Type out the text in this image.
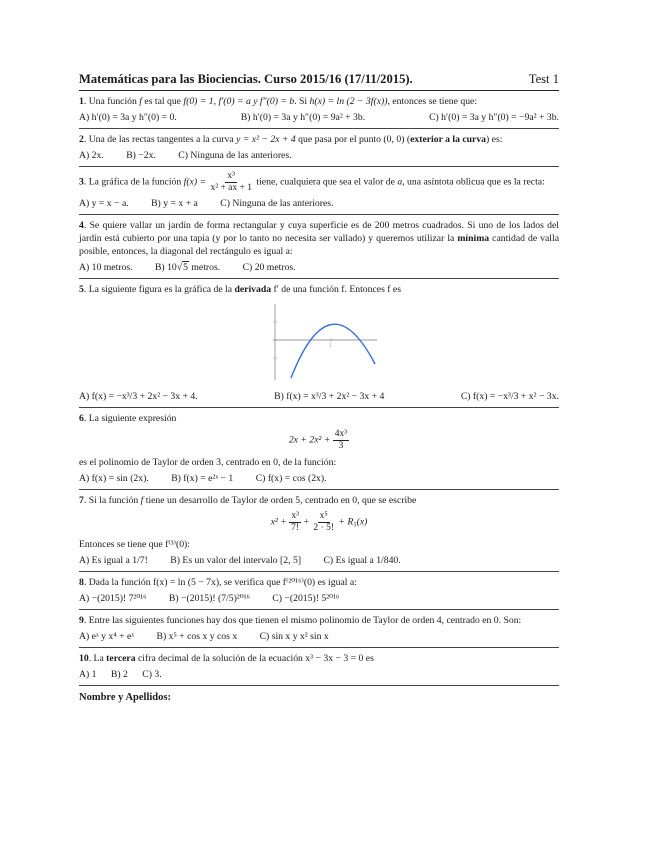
Matemáticas para las Biociencias. Curso 2015/16 (17/11/2015).	Test 1

1. Una función f es tal que f(0) = 1, f′(0) = a y f″(0) = b. Si h(x) = ln (2 − 3f(x)), entonces se tiene que:

A) h′(0) = 3a y h″(0) = 0.	B) h′(0) = 3a y h″(0) = 9a² + 3b.	C) h′(0) = 3a y h″(0) = −9a² + 3b.

2. Una de las rectas tangentes a la curva y = x² − 2x + 4 que pasa por el punto (0, 0) (exterior a la curva) es:

A) 2x. B) −2x. C) Ninguna de las anteriores.

3. La gráfica de la función $f(x) = \frac{\text{x³}}{\text{x² + ax + 1}}$ tiene, cualquiera que sea el valor de a, una asíntota oblicua que es la recta:

A) y = x − a. B) y = x + a C) Ninguna de las anteriores.

4. Se quiere vallar un jardín de forma rectangular y cuya superficie es de 200 metros cuadrados. Si uno de los lados del jardín está cubierto por una tapia (y por lo tanto no necesita ser vallado) y queremos utilizar la mínima cantidad de valla posible, entonces, la diagonal del rectángulo es igual a:

A) 10 metros. B) 10√5 metros. C) 20 metros.

5. La siguiente figura es la gráfica de la derivada f′ de una función f. Entonces f es

1
A) f(x) = −x³/3 + 2x² − 3x + 4.	B) f(x) = x³/3 + 2x² − 3x + 4	C) f(x) = −x³/3 + x² − 3x.

6. La siguiente expresión

$2x + 2x^2 + \frac{\text{4x³}}{3}$

es el polinomio de Taylor de orden 3, centrado en 0, de la función:

A) f(x) = sin (2x). B) f(x) = e²ˣ − 1 C) f(x) = cos (2x).

7. Si la función f tiene un desarrollo de Taylor de orden 5, centrado en 0, que se escribe

$x^2 + \frac{\text{x³}}{7!} + \frac{\text{x⁵}}{2 \cdot 5!} + R_5(x)$

Entonces se tiene que f⁽³⁾(0):

A) Es igual a 1/7! B) Es un valor del intervalo [2, 5] C) Es igual a 1/840.

8. Dada la función f(x) = ln (5 − 7x), se verifica que f⁽²⁰¹⁶⁾(0) es igual a:

A) −(2015)! 7²⁰¹⁶ B) −(2015)! (7/5)²⁰¹⁶ C) −(2015)! 5²⁰¹⁶

9. Entre las siguientes funciones hay dos que tienen el mismo polinomio de Taylor de orden 4, centrado en 0. Son:

A) eˣ y x⁴ + eˣ B) x⁵ + cos x y cos x C) sin x y x² sin x

10. La tercera cifra decimal de la solución de la ecuación x³ − 3x − 3 = 0 es

A) 1 B) 2 C) 3.
Nombre y Apellidos:
